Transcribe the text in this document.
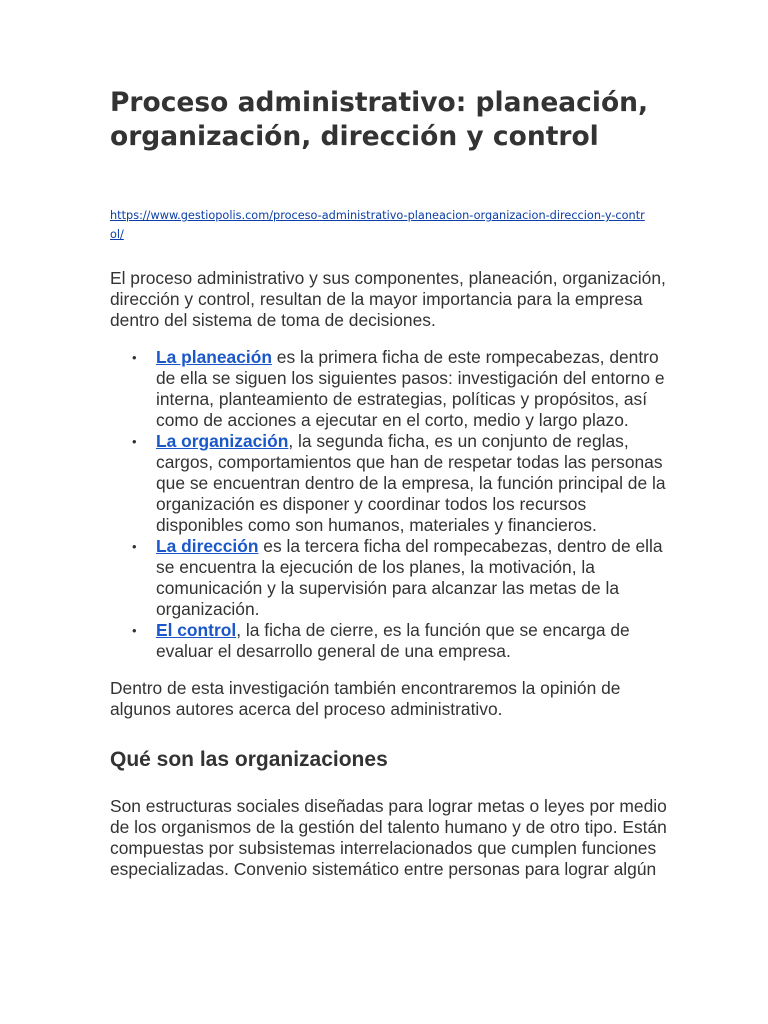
Proceso administrativo: planeación, organización, dirección y control
https://www.gestiopolis.com/proceso-administrativo-planeacion-organizacion-direccion-y-control/

El proceso administrativo y sus componentes, planeación, organización, dirección y control, resultan de la mayor importancia para la empresa dentro del sistema de toma de decisiones.

• La planeación es la primera ficha de este rompecabezas, dentro de ella se siguen los siguientes pasos: investigación del entorno e interna, planteamiento de estrategias, políticas y propósitos, así como de acciones a ejecutar en el corto, medio y largo plazo.
• La organización, la segunda ficha, es un conjunto de reglas, cargos, comportamientos que han de respetar todas las personas que se encuentran dentro de la empresa, la función principal de la organización es disponer y coordinar todos los recursos disponibles como son humanos, materiales y financieros.
• La dirección es la tercera ficha del rompecabezas, dentro de ella se encuentra la ejecución de los planes, la motivación, la comunicación y la supervisión para alcanzar las metas de la organización.
• El control, la ficha de cierre, es la función que se encarga de evaluar el desarrollo general de una empresa.

Dentro de esta investigación también encontraremos la opinión de algunos autores acerca del proceso administrativo.

Qué son las organizaciones

Son estructuras sociales diseñadas para lograr metas o leyes por medio de los organismos de la gestión del talento humano y de otro tipo. Están compuestas por subsistemas interrelacionados que cumplen funciones especializadas. Convenio sistemático entre personas para lograr algún
